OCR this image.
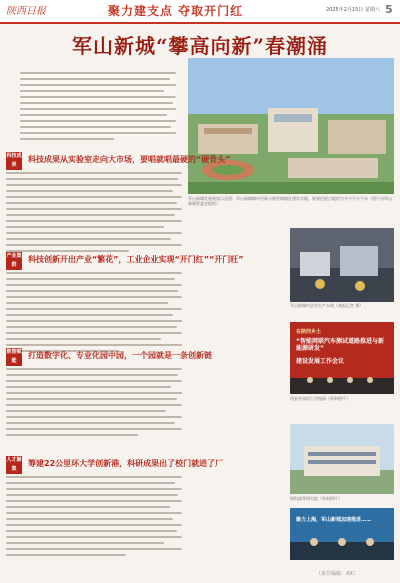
陕西日报	聚力建支点 夺取开门红	2025年2月15日 星期六 5
军山新城“攀高向新”春潮涌
军山新城发展规划示意图：军山新城城市更新与新型城镇化建设实践，规划范围占地约为多少平方千米（图片由军山新城管委会提供）
科技成果
科技成果从实验室走向大市场，要唱就唱最硬的“硬骨头”
军山新城内企业生产车间（本报记者 摄）
产业集群
科技创新开出产业“繁花”，工业企业实现“开门红”“开门旺”
在陕西乡土
“智能网联汽车测试道路推进与新能源研发”
建设发展工作会议
西安外国语大学校园（资料图片）
数智赋能
打造数字化、专业化园中园，一个园就是一条创新链
海科高等研究院（资料图片）
人才聚集
筹建22公里环大学创新港，科研成果出了校门就进了厂
聚力上海，军山新城加速推进……
（责任编辑：XX）
